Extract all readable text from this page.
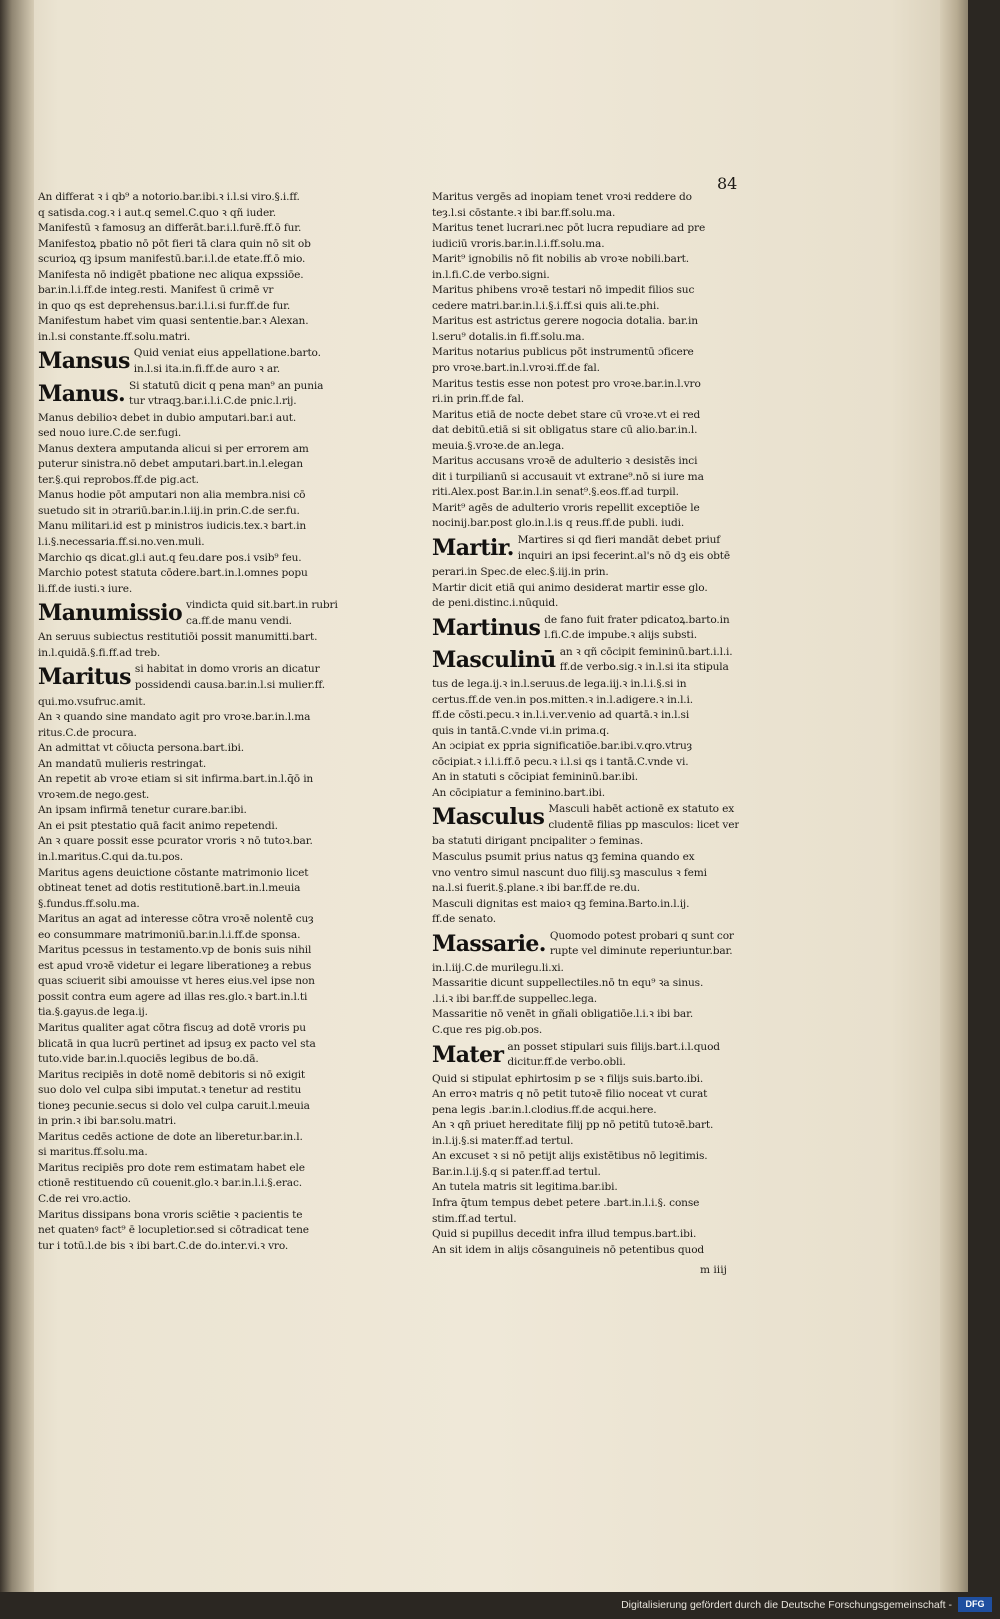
84
An differat ꝛ i qb⁹ a notorio.bar.ibi.ꝛ i.l.si viro.§.i.ff.
q satisda.cog.ꝛ i aut.q semel.C.quo ꝛ qñ iuder.
Manifestū ꝛ famosuȝ an differāt.bar.i.l.furē.ff.ō fur.
Manifestoꝝ pbatio nō pōt fieri tā clara quin nō sit ob
scurioꝝ qꝫ ipsum manifestū.bar.i.l.de etate.ff.ō mio.
Manifesta nō indigēt pbatione nec aliqua expssiōe.
bar.in.l.i.ff.de integ.resti. Manifest ū crimē vr
in quo qs est deprehensus.bar.i.l.i.si fur.ff.de fur.
Manifestum habet vim quasi sententie.bar.ꝛ Alexan.
in.l.si constante.ff.solu.matri.
Mansus Quid veniat eius appellatione.barto.
in.l.si ita.in.fi.ff.de auro ꝛ ar.
Manus. Si statutū dicit q pena man⁹ an punia
tur vtraqꝫ.bar.i.l.i.C.de pnic.l.rij.
Manus debilioꝛ debet in dubio amputari.bar.i aut.
sed nouo iure.C.de ser.fugi.
Manus dextera amputanda alicui si per errorem am
puterur sinistra.nō debet amputari.bart.in.l.elegan
ter.§.qui reprobos.ff.de pig.act.
Manus hodie pōt amputari non alia membra.nisi cō
suetudo sit in ɔtrariū.bar.in.l.iij.in prin.C.de ser.fu.
Manu militari.id est p ministros iudicis.tex.ꝛ bart.in
l.i.§.necessaria.ff.si.no.ven.muli.
Marchio qs dicat.gl.i aut.q feu.dare pos.i vsib⁹ feu.
Marchio potest statuta cōdere.bart.in.l.omnes popu
li.ff.de iusti.ꝛ iure.
Manumissio vindicta quid sit.bart.in rubri
ca.ff.de manu vendi.
An seruus subiectus restitutiōi possit manumitti.bart.
in.l.quidā.§.fi.ff.ad treb.
Maritus si habitat in domo vroris an dicatur
possidendi causa.bar.in.l.si mulier.ff.
qui.mo.vsufruc.amit.
An ꝛ quando sine mandato agit pro vroꝛe.bar.in.l.ma
ritus.C.de procura.
An admittat vt cōiucta persona.bart.ibi.
An mandatū mulieris restringat.
An repetit ab vroꝛe etiam si sit infirma.bart.in.l.q̄ō in
vroꝛem.de nego.gest.
An ipsam infirmā tenetur curare.bar.ibi.
An ei psit ptestatio quā facit animo repetendi.
An ꝛ quare possit esse pcurator vroris ꝛ nō tutoꝛ.bar.
in.l.maritus.C.qui da.tu.pos.
Maritus agens deuictione cōstante matrimonio licet
obtineat tenet ad dotis restitutionē.bart.in.l.meuia
§.fundus.ff.solu.ma.
Maritus an agat ad interesse cōtra vroꝛē nolentē cuȝ
eo consummare matrimoniū.bar.in.l.i.ff.de sponsa.
Maritus pcessus in testamento.vp de bonis suis nihil
est apud vroꝛē videtur ei legare liberationeȝ a rebus
quas sciuerit sibi amouisse vt heres eius.vel ipse non
possit contra eum agere ad illas res.glo.ꝛ bart.in.l.ti
tia.§.gayus.de lega.ij.
Maritus qualiter agat cōtra fiscuȝ ad dotē vroris pu
blicatā in qua lucrū pertinet ad ipsuȝ ex pacto vel sta
tuto.vide bar.in.l.quociēs legibus de bo.dā.
Maritus recipiēs in dotē nomē debitoris si nō exigit
suo dolo vel culpa sibi imputat.ꝛ tenetur ad restitu
tioneȝ pecunie.secus si dolo vel culpa caruit.l.meuia
in prin.ꝛ ibi bar.solu.matri.
Maritus cedēs actione de dote an liberetur.bar.in.l.
si maritus.ff.solu.ma.
Maritus recipiēs pro dote rem estimatam habet ele
ctionē restituendo cū couenit.glo.ꝛ bar.in.l.i.§.erac.
C.de rei vro.actio.
Maritus dissipans bona vroris sciētie ꝛ pacientis te
net quatenꝰ fact⁹ ē locupletior.sed si cōtradicat tene
tur i totū.l.de bis ꝛ ibi bart.C.de do.inter.vi.ꝛ vro.
Maritus vergēs ad inopiam tenet vroꝛi reddere do
teȝ.l.si cōstante.ꝛ ibi bar.ff.solu.ma.
Maritus tenet lucrari.nec pōt lucra repudiare ad pre
iudiciū vroris.bar.in.l.i.ff.solu.ma.
Marit⁹ ignobilis nō fit nobilis ab vroꝛe nobili.bart.
in.l.fi.C.de verbo.signi.
Maritus phibens vroꝛē testari nō impedit filios suc
cedere matri.bar.in.l.i.§.i.ff.si quis ali.te.phi.
Maritus est astrictus gerere nogocia dotalia. bar.in
l.seru⁹ dotalis.in fi.ff.solu.ma.
Maritus notarius publicus pōt instrumentū ɔficere
pro vroꝛe.bart.in.l.vroꝛi.ff.de fal.
Maritus testis esse non potest pro vroꝛe.bar.in.l.vro
ri.in prin.ff.de fal.
Maritus etiā de nocte debet stare cū vroꝛe.vt ei red
dat debitū.etiā si sit obligatus stare cū alio.bar.in.l.
meuia.§.vroꝛe.de an.lega.
Maritus accusans vroꝛē de adulterio ꝛ desistēs inci
dit i turpilianū si accusauit vt extrane⁹.nō si iure ma
riti.Alex.post Bar.in.l.in senat⁹.§.eos.ff.ad turpil.
Marit⁹ agēs de adulterio vroris repellit exceptiōe le
nocinij.bar.post glo.in.l.is q reus.ff.de publi. iudi.
Martir. Martires si qd fieri mandāt debet priuf
inquiri an ipsi fecerint.al's nō dꝫ eis obtē
perari.in Spec.de elec.§.iij.in prin.
Martir dicit etiā qui animo desiderat martir esse glo.
de peni.distinc.i.nūquid.
Martinus de fano fuit frater pdicatoꝝ.barto.in
l.fi.C.de impube.ꝛ alijs substi.
Masculinū an ꝛ qñ cōcipit femininū.bart.i.l.i.
ff.de verbo.sig.ꝛ in.l.si ita stipula
tus de lega.ij.ꝛ in.l.seruus.de lega.iij.ꝛ in.l.i.§.si in
certus.ff.de ven.in pos.mitten.ꝛ in.l.adigere.ꝛ in.l.i.
ff.de cōsti.pecu.ꝛ in.l.i.ver.venio ad quartā.ꝛ in.l.si
quis in tantā.C.vnde vi.in prima.q.
An ɔcipiat ex ppria significatiōe.bar.ibi.v.qro.vtruȝ
cōcipiat.ꝛ i.l.i.ff.ō pecu.ꝛ i.l.si qs i tantā.C.vnde vi.
An in statuti s cōcipiat femininū.bar.ibi.
An cōcipiatur a feminino.bart.ibi.
Masculus Masculi habēt actionē ex statuto ex
cludentē filias pp masculos: licet ver
ba statuti dirigant pncipaliter ɔ feminas.
Masculus psumit prius natus qꝫ femina quando ex
vno ventro simul nascunt duo filij.sꝫ masculus ꝛ femi
na.l.si fuerit.§.plane.ꝛ ibi bar.ff.de re.du.
Masculi dignitas est maioꝛ qꝫ femina.Barto.in.l.ij.
ff.de senato.
Massarie. Quomodo potest probari q sunt cor
rupte vel diminute reperiuntur.bar.
in.l.iij.C.de murilegu.li.xi.
Massaritie dicunt suppellectiles.nō tn equ⁹ ꝛa sinus.
.l.i.ꝛ ibi bar.ff.de suppellec.lega.
Massaritie nō venēt in gñali obligatiōe.l.i.ꝛ ibi bar.
C.que res pig.ob.pos.
Mater an posset stipulari suis filijs.bart.i.l.quod
dicitur.ff.de verbo.obli.
Quid si stipulat ephirtosim p se ꝛ filijs suis.barto.ibi.
An erroꝛ matris q nō petit tutoꝛē filio noceat vt curat
pena legis .bar.in.l.clodius.ff.de acqui.here.
An ꝛ qñ priuet hereditate filij pp nō petitū tutoꝛē.bart.
in.l.ij.§.si mater.ff.ad tertul.
An excuset ꝛ si nō petijt alijs existētibus nō legitimis.
Bar.in.l.ij.§.q si pater.ff.ad tertul.
An tutela matris sit legitima.bar.ibi.
Infra q̄tum tempus debet petere .bart.in.l.i.§. conse
stim.ff.ad tertul.
Quid si pupillus decedit infra illud tempus.bart.ibi.
An sit idem in alijs cōsanguineis nō petentibus quod
m iiij
Digitalisierung gefördert durch die Deutsche Forschungsgemeinschaft -	DFG
